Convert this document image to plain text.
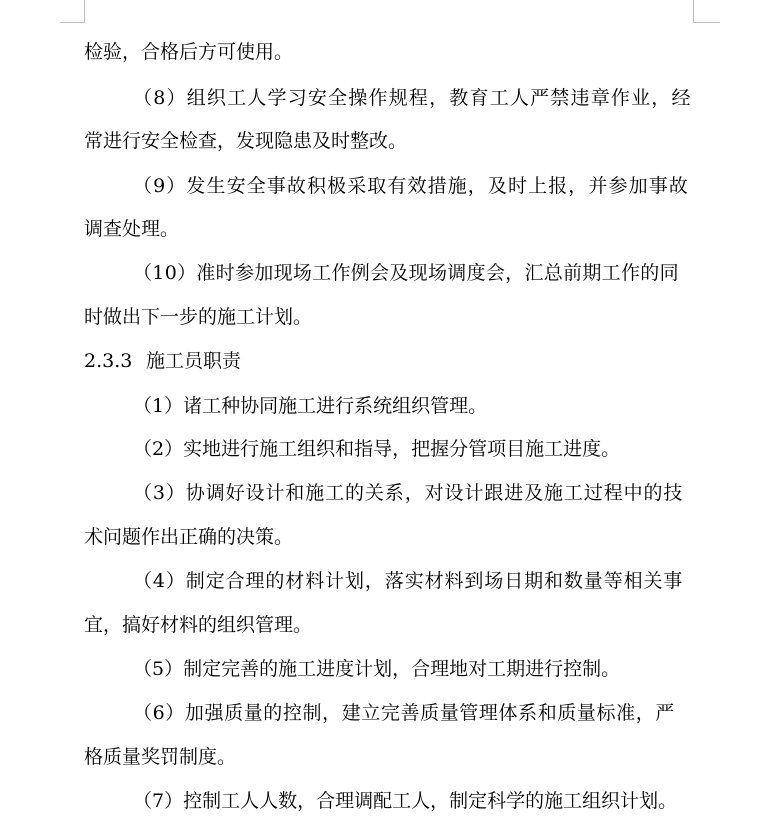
检验，合格后方可使用。
（8）组织工人学习安全操作规程，教育工人严禁违章作业，经
常进行安全检查，发现隐患及时整改。
（9）发生安全事故积极采取有效措施，及时上报，并参加事故
调查处理。
（10）准时参加现场工作例会及现场调度会，汇总前期工作的同
时做出下一步的施工计划。
2.3.3 施工员职责
（1）诸工种协同施工进行系统组织管理。
（2）实地进行施工组织和指导，把握分管项目施工进度。
（3）协调好设计和施工的关系，对设计跟进及施工过程中的技
术问题作出正确的决策。
（4）制定合理的材料计划，落实材料到场日期和数量等相关事
宜，搞好材料的组织管理。
（5）制定完善的施工进度计划，合理地对工期进行控制。
（6）加强质量的控制，建立完善质量管理体系和质量标准，严
格质量奖罚制度。
（7）控制工人人数，合理调配工人，制定科学的施工组织计划。
